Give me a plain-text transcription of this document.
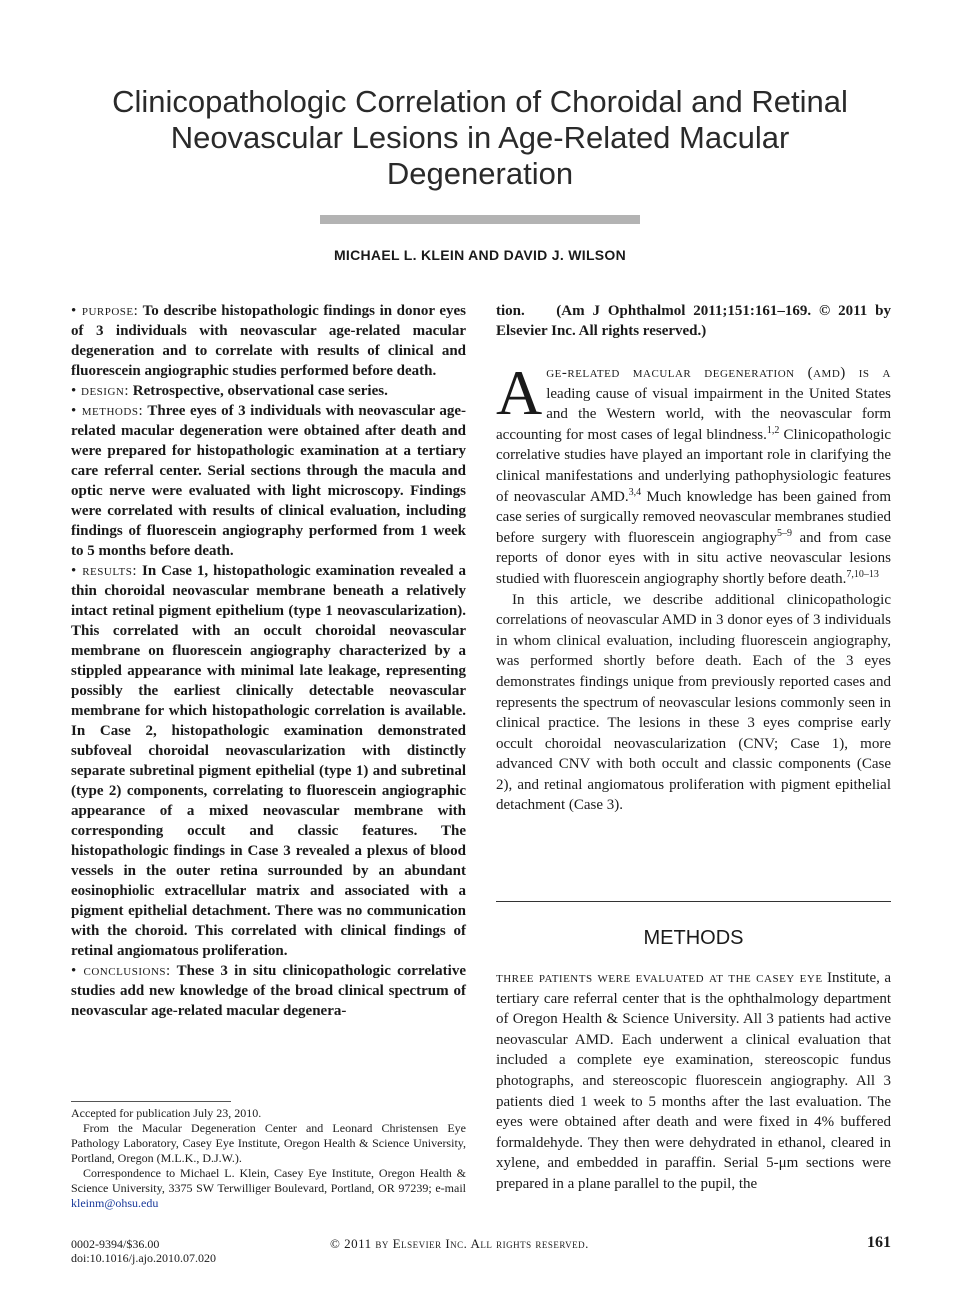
Clinicopathologic Correlation of Choroidal and Retinal Neovascular Lesions in Age-Related Macular Degeneration
MICHAEL L. KLEIN AND DAVID J. WILSON

• purpose: To describe histopathologic findings in donor eyes of 3 individuals with neovascular age-related macular degeneration and to correlate with results of clinical and fluorescein angiographic studies performed before death.

• design: Retrospective, observational case series.

• methods: Three eyes of 3 individuals with neovascular age-related macular degeneration were obtained after death and were prepared for histopathologic examination at a tertiary care referral center. Serial sections through the macula and optic nerve were evaluated with light microscopy. Findings were correlated with results of clinical evaluation, including findings of fluorescein angiography performed from 1 week to 5 months before death.

• results: In Case 1, histopathologic examination revealed a thin choroidal neovascular membrane beneath a relatively intact retinal pigment epithelium (type 1 neovascularization). This correlated with an occult choroidal neovascular membrane on fluorescein angiography characterized by a stippled appearance with minimal late leakage, representing possibly the earliest clinically detectable neovascular membrane for which histopathologic correlation is available. In Case 2, histopathologic examination demonstrated subfoveal choroidal neovascularization with distinctly separate subretinal pigment epithelial (type 1) and subretinal (type 2) components, correlating to fluorescein angiographic appearance of a mixed neovascular membrane with corresponding occult and classic features. The histopathologic findings in Case 3 revealed a plexus of blood vessels in the outer retina surrounded by an abundant eosinophiolic extracellular matrix and associated with a pigment epithelial detachment. There was no communication with the choroid. This correlated with clinical findings of retinal angiomatous proliferation.

• conclusions: These 3 in situ clinicopathologic correlative studies add new knowledge of the broad clinical spectrum of neovascular age-related macular degenera-

tion. (Am J Ophthalmol 2011;151:161–169. © 2011 by Elsevier Inc. All rights reserved.)

Accepted for publication July 23, 2010.

From the Macular Degeneration Center and Leonard Christensen Eye Pathology Laboratory, Casey Eye Institute, Oregon Health & Science University, Portland, Oregon (M.L.K., D.J.W.).

Correspondence to Michael L. Klein, Casey Eye Institute, Oregon Health & Science University, 3375 SW Terwilliger Boulevard, Portland, OR 97239; e-mail kleinm@ohsu.edu

Age-related macular degeneration (amd) is a leading cause of visual impairment in the United States and the Western world, with the neovascular form accounting for most cases of legal blindness.$^{1,2}$ Clinicopathologic correlative studies have played an important role in clarifying the clinical manifestations and underlying pathophysiologic features of neovascular AMD.$^{3,4}$ Much knowledge has been gained from case series of surgically removed neovascular membranes studied before surgery with fluorescein angiography$^{5-9}$ and from case reports of donor eyes with in situ active neovascular lesions studied with fluorescein angiography shortly before death.$^{7,10-13}$

In this article, we describe additional clinicopathologic correlations of neovascular AMD in 3 donor eyes of 3 individuals in whom clinical evaluation, including fluorescein angiography, was performed shortly before death. Each of the 3 eyes demonstrates findings unique from previously reported cases and represents the spectrum of neovascular lesions commonly seen in clinical practice. The lesions in these 3 eyes comprise early occult choroidal neovascularization (CNV; Case 1), more advanced CNV with both occult and classic components (Case 2), and retinal angiomatous proliferation with pigment epithelial detachment (Case 3).

METHODS

three patients were evaluated at the casey eye Institute, a tertiary care referral center that is the ophthalmology department of Oregon Health & Science University. All 3 patients had active neovascular AMD. Each underwent a clinical evaluation that included a complete eye examination, stereoscopic fundus photographs, and stereoscopic fluorescein angiography. All 3 patients died 1 week to 5 months after the last evaluation. The eyes were obtained after death and were fixed in 4% buffered formaldehyde. They then were dehydrated in ethanol, cleared in xylene, and embedded in paraffin. Serial 5-μm sections were prepared in a plane parallel to the pupil, the

0002-9394/$36.00
doi:10.1016/j.ajo.2010.07.020
© 2011 by Elsevier Inc. All rights reserved.	161
